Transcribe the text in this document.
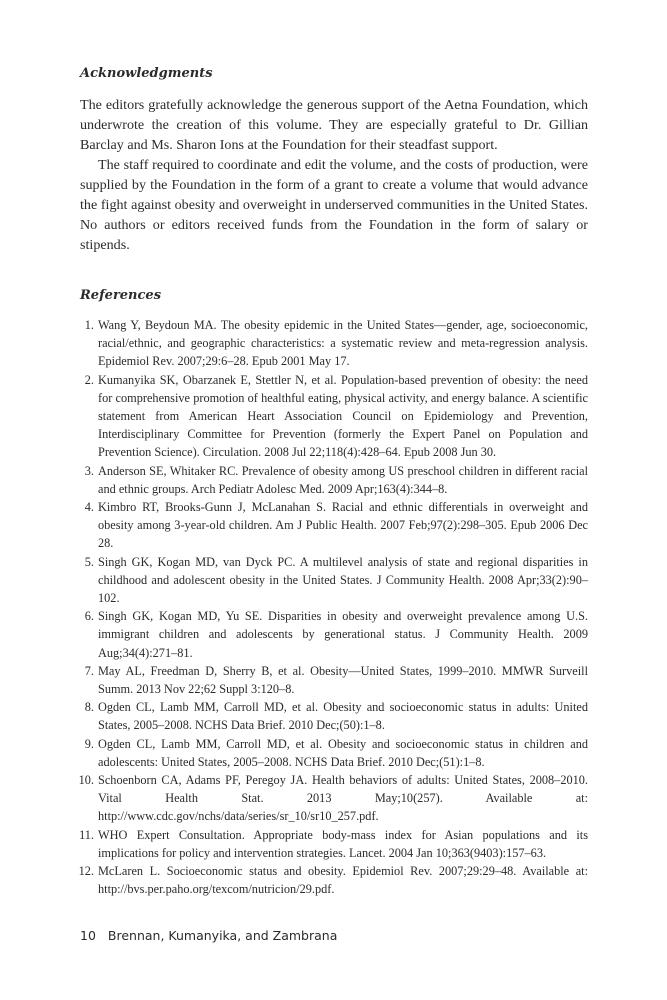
Acknowledgments

The editors gratefully acknowledge the generous support of the Aetna Foundation, which underwrote the creation of this volume. They are especially grateful to Dr. Gillian Barclay and Ms. Sharon Ions at the Foundation for their steadfast support.

The staff required to coordinate and edit the volume, and the costs of production, were supplied by the Foundation in the form of a grant to create a volume that would advance the fight against obesity and overweight in underserved communities in the United States. No authors or editors received funds from the Foundation in the form of salary or stipends.

References
1. Wang Y, Beydoun MA. The obesity epidemic in the United States—gender, age, socioeconomic, racial/ethnic, and geographic characteristics: a systematic review and meta-regression analysis. Epidemiol Rev. 2007;29:6–28. Epub 2001 May 17.
2. Kumanyika SK, Obarzanek E, Stettler N, et al. Population-based prevention of obesity: the need for comprehensive promotion of healthful eating, physical activity, and energy balance. A scientific statement from American Heart Association Council on Epidemiology and Prevention, Interdisciplinary Committee for Prevention (formerly the Expert Panel on Population and Prevention Science). Circulation. 2008 Jul 22;118(4):428–64. Epub 2008 Jun 30.
3. Anderson SE, Whitaker RC. Prevalence of obesity among US preschool children in different racial and ethnic groups. Arch Pediatr Adolesc Med. 2009 Apr;163(4):344–8.
4. Kimbro RT, Brooks-Gunn J, McLanahan S. Racial and ethnic differentials in overweight and obesity among 3-year-old children. Am J Public Health. 2007 Feb;97(2):298–305. Epub 2006 Dec 28.
5. Singh GK, Kogan MD, van Dyck PC. A multilevel analysis of state and regional disparities in childhood and adolescent obesity in the United States. J Community Health. 2008 Apr;33(2):90–102.
6. Singh GK, Kogan MD, Yu SE. Disparities in obesity and overweight prevalence among U.S. immigrant children and adolescents by generational status. J Community Health. 2009 Aug;34(4):271–81.
7. May AL, Freedman D, Sherry B, et al. Obesity—United States, 1999–2010. MMWR Surveill Summ. 2013 Nov 22;62 Suppl 3:120–8.
8. Ogden CL, Lamb MM, Carroll MD, et al. Obesity and socioeconomic status in adults: United States, 2005–2008. NCHS Data Brief. 2010 Dec;(50):1–8.
9. Ogden CL, Lamb MM, Carroll MD, et al. Obesity and socioeconomic status in children and adolescents: United States, 2005–2008. NCHS Data Brief. 2010 Dec;(51):1–8.
10. Schoenborn CA, Adams PF, Peregoy JA. Health behaviors of adults: United States, 2008–2010. Vital Health Stat. 2013 May;10(257). Available at: http://www.cdc.gov/nchs/data/series/sr_10/sr10_257.pdf.
11. WHO Expert Consultation. Appropriate body-mass index for Asian populations and its implications for policy and intervention strategies. Lancet. 2004 Jan 10;363(9403):157–63.
12. McLaren L. Socioeconomic status and obesity. Epidemiol Rev. 2007;29:29–48. Available at: http://bvs.per.paho.org/texcom/nutricion/29.pdf.
10 Brennan, Kumanyika, and Zambrana
